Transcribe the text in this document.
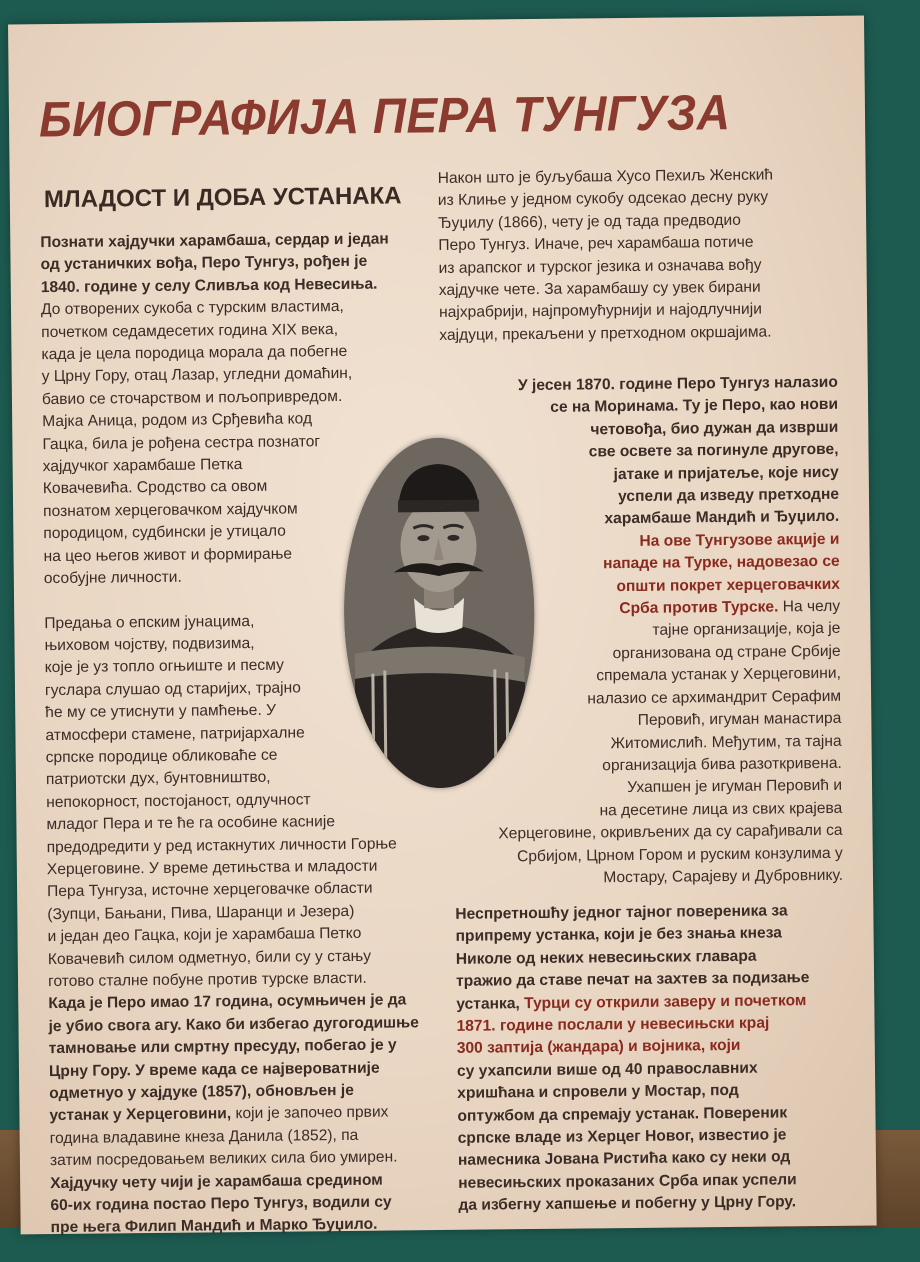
БИОГРАФИЈА ПЕРА ТУНГУЗА
МЛАДОСТ И ДОБА УСТАНАКА

Познати хајдучки харамбаша, сердар и један
од устаничких вођа, Перо Тунгуз, рођен је
1840. године у селу Сливља код Невесиња.
До отворених сукоба с турским властима,
почетком седамдесетих година XIX века,
када је цела породица морала да побегне
у Црну Гору, отац Лазар, угледни домаћин,
бавио се сточарством и пољопривредом.
Мајка Аница, родом из Срђевића код
Гацка, била је рођена сестра познатог
хајдучког харамбаше Петка
Ковачевића. Сродство са овом
познатом херцеговачком хајдучком
породицом, судбински је утицало
на цео његов живот и формирање
особујне личности.

Предања о епским јунацима,
њиховом чојству, подвизима,
које је уз топло огњиште и песму
гуслара слушао од старијих, трајно
ће му се утиснути у памћење. У
атмосфери стамене, патријархалне
српске породице обликоваће се
патриотски дух, бунтовништво,
непокорност, постојаност, одлучност
младог Пера и те ће га особине касније
предодредити у ред истакнутих личности Горње
Херцеговине. У време детињства и младости
Пера Тунгуза, источне херцеговачке области
(Зупци, Бањани, Пива, Шаранци и Језера)
и један део Гацка, који је харамбаша Петко
Ковачевић силом одметнуо, били су у стању
готово сталне побуне против турске власти.
Када је Перо имао 17 година, осумњичен је да
је убио свога агу. Како би избегао дугогодишње
тамновање или смртну пресуду, побегао је у
Црну Гору. У време када се највероватније
одметнуо у хајдуке (1857), обновљен је
устанак у Херцеговини, који је започео првих
година владавине кнеза Данила (1852), па
затим посредовањем великих сила био умирен.
Хајдучку чету чији је харамбаша средином
60-их година постао Перо Тунгуз, водили су
пре њега Филип Мандић и Марко Ђуџило.

Након што је буљубаша Хусо Пехиљ Женскић
из Клиње у једном сукобу одсекао десну руку
Ђуџилу (1866), чету је од тада предводио
Перо Тунгуз. Иначе, реч харамбаша потиче
из арапског и турског језика и означава вођу
хајдучке чете. За харамбашу су увек бирани
најхрабрији, најпромућурнији и најодлучнији
хајдуци, прекаљени у претходном окршајима.

У јесен 1870. године Перо Тунгуз налазио
се на Моринама. Ту је Перо, као нови
четовођа, био дужан да изврши
све освете за погинуле другове,
јатаке и пријатеље, које нису
успели да изведу претходне
харамбаше Мандић и Ђуџило.
На ове Тунгузове акције и
нападе на Турке, надовезао се
општи покрет херцеговачких
Срба против Турске. На челу
тајне организације, која је
организована од стране Србије
спремала устанак у Херцеговини,
налазио се архимандрит Серафим
Перовић, игуман манастира
Житомислић. Међутим, та тајна
организација бива разоткривена.
Ухапшен је игуман Перовић и
на десетине лица из свих крајева
Херцеговине, окривљених да су сарађивали са
Србијом, Црном Гором и руским конзулима у
Мостару, Сарајеву и Дубровнику.

Неспретношћу једног тајног повереника за
припрему устанка, који је без знања кнеза
Николе од неких невесињских главара
тражио да ставе печат на захтев за подизање
устанка, Турци су открили заверу и почетком
1871. године послали у невесињски крај
300 заптија (жандара) и војника, који
су ухапсили више од 40 православних
хришћана и спровели у Мостар, под
оптужбом да спремају устанак. Повереник
српске владе из Херцег Новог, известио је
намесника Јована Ристића како су неки од
невесињских проказаних Срба ипак успели
да избегну хапшење и побегну у Црну Гору.
